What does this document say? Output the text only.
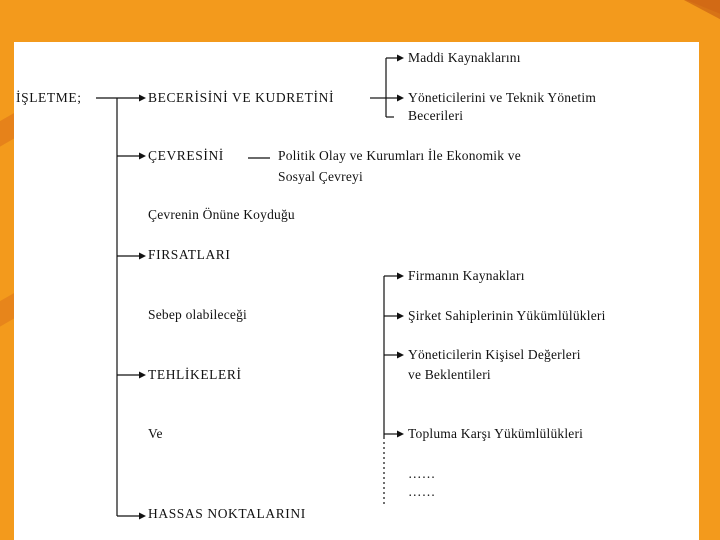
İŞLETME;	BECERİSİNİ VE KUDRETİNİ
Maddi Kaynaklarını
Yöneticilerini ve Teknik Yönetim
Becerileri
ÇEVRESİNİ	Politik Olay ve Kurumları İle Ekonomik ve
Sosyal Çevreyi
Çevrenin Önüne Koyduğu
FIRSATLARI
Sebep olabileceği
TEHLİKELERİ
Ve
HASSAS NOKTALARINI
Firmanın Kaynakları
Şirket Sahiplerinin Yükümlülükleri
Yöneticilerin Kişisel Değerleri
ve Beklentileri
Topluma Karşı Yükümlülükleri
……
……
